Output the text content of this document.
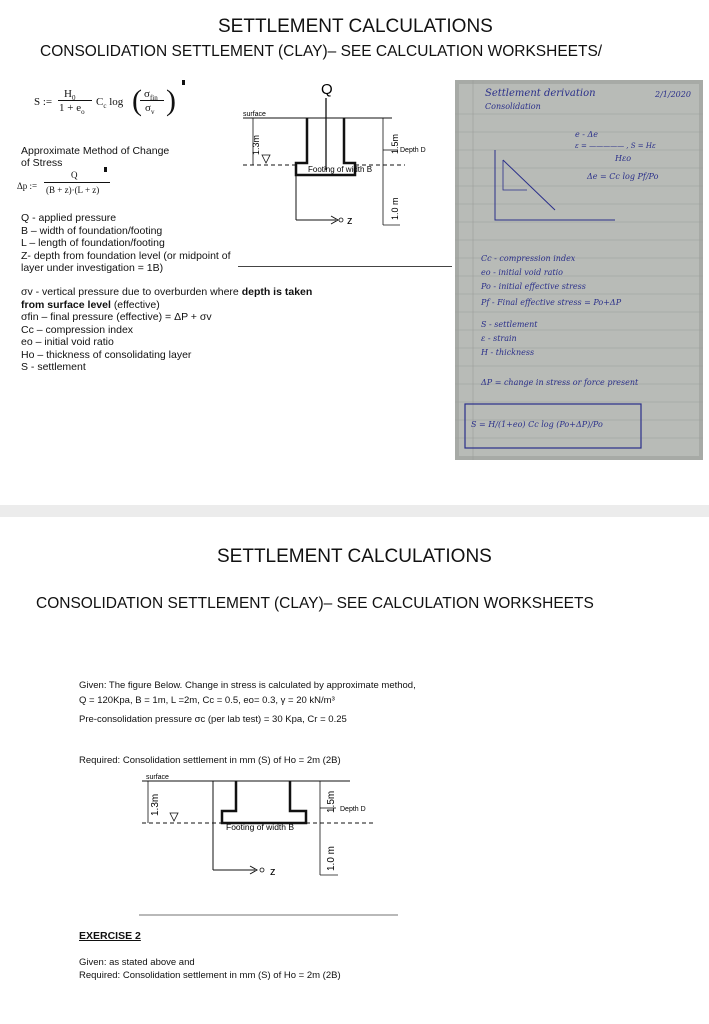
SETTLEMENT CALCULATIONS
CONSOLIDATION SETTLEMENT (CLAY)– SEE CALCULATION WORKSHEETS/
S :=
$H_0$
$1 + e_o$
$C_c$ log ( $\sigma_{fin}$
$\sigma_v$ )
Approximate Method of Change
of Stress
Δp :=
Q
(B + z)·(L + z)
Q - applied pressure
B – width of foundation/footing
L – length of foundation/footing
Z- depth from foundation level (or midpoint of
layer under investigation = 1B)
σv - vertical pressure due to overburden where depth is taken
from surface level (effective)
σfin – final pressure (effective) = ΔP + σv
Cc – compression index
eo – initial void ratio
Ho – thickness of consolidating layer
S - settlement
Q
surface
Footing of width B
1.3m	1.5m Depth D
1.0 m
z
Settlement derivation
Consolidation
2/1/2020
e - Δe
ε = ————— , S = Hε
Hεo
Δe = Cc log Pf/Po
Cc - compression index
eo - initial void ratio
Po - initial effective stress
Pf - Final effective stress = Po+ΔP
S - settlement
ε - strain
H - thickness
ΔP = change in stress or force present
S = H/(1+eo) Cc log (Po+ΔP)/Po
SETTLEMENT CALCULATIONS
CONSOLIDATION SETTLEMENT (CLAY)– SEE CALCULATION WORKSHEETS
Given: The figure Below. Change in stress is calculated by approximate method,
Q = 120Kpa, B = 1m, L =2m, Cc = 0.5, eo= 0.3, γ = 20 kN/m³
Pre-consolidation pressure σc (per lab test) = 30 Kpa, Cr = 0.25
Required: Consolidation settlement in mm (S) of Ho = 2m (2B)
surface
Footing of width B
1.3m	1.5m Depth D
1.0 m
z
EXERCISE 2
Given: as stated above and
Required: Consolidation settlement in mm (S) of Ho = 2m (2B)
